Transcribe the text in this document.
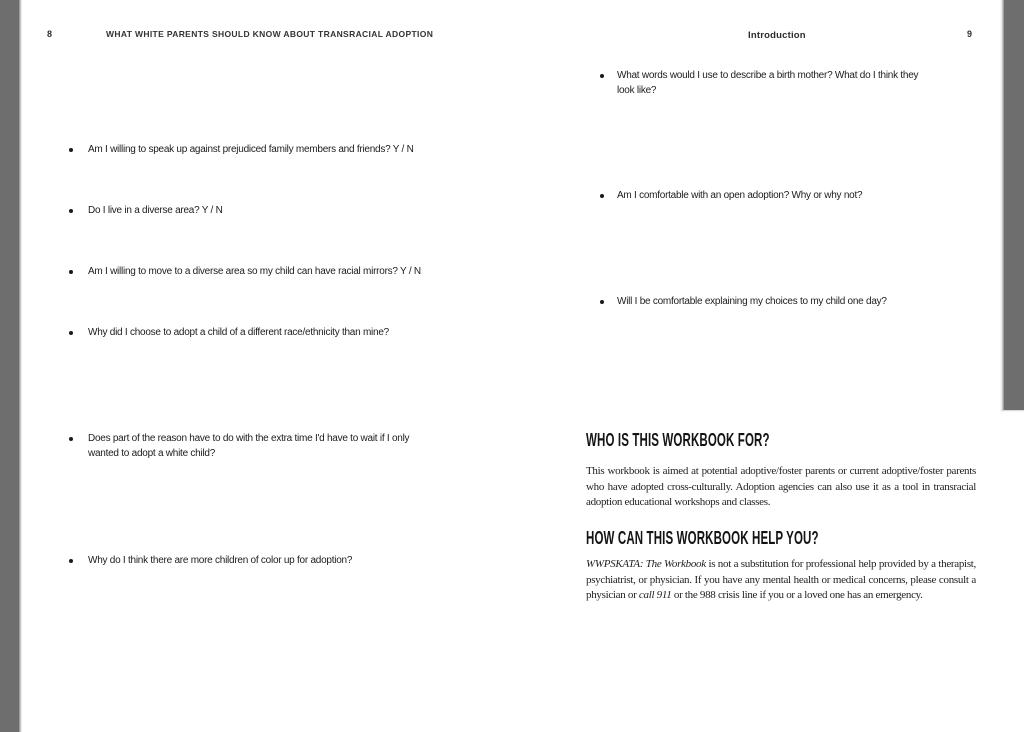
8	WHAT WHITE PARENTS SHOULD KNOW ABOUT TRANSRACIAL ADOPTION
Am I willing to speak up against prejudiced family members and friends? Y / N
Do I live in a diverse area? Y / N
Am I willing to move to a diverse area so my child can have racial mirrors? Y / N
Why did I choose to adopt a child of a different race/ethnicity than mine?
Does part of the reason have to do with the extra time I'd have to wait if I only
wanted to adopt a white child?
Why do I think there are more children of color up for adoption?
Introduction	9
What words would I use to describe a birth mother? What do I think they
look like?
Am I comfortable with an open adoption? Why or why not?
Will I be comfortable explaining my choices to my child one day?
WHO IS THIS WORKBOOK FOR?

This workbook is aimed at potential adoptive/foster parents or current adoptive/foster parents who have adopted cross-culturally. Adoption agencies can also use it as a tool in transracial adoption educational workshops and classes.

HOW CAN THIS WORKBOOK HELP YOU?

WWPSKATA: The Workbook is not a substitution for professional help provided by a therapist, psychiatrist, or physician. If you have any mental health or medical concerns, please consult a physician or call 911 or the 988 crisis line if you or a loved one has an emergency.
